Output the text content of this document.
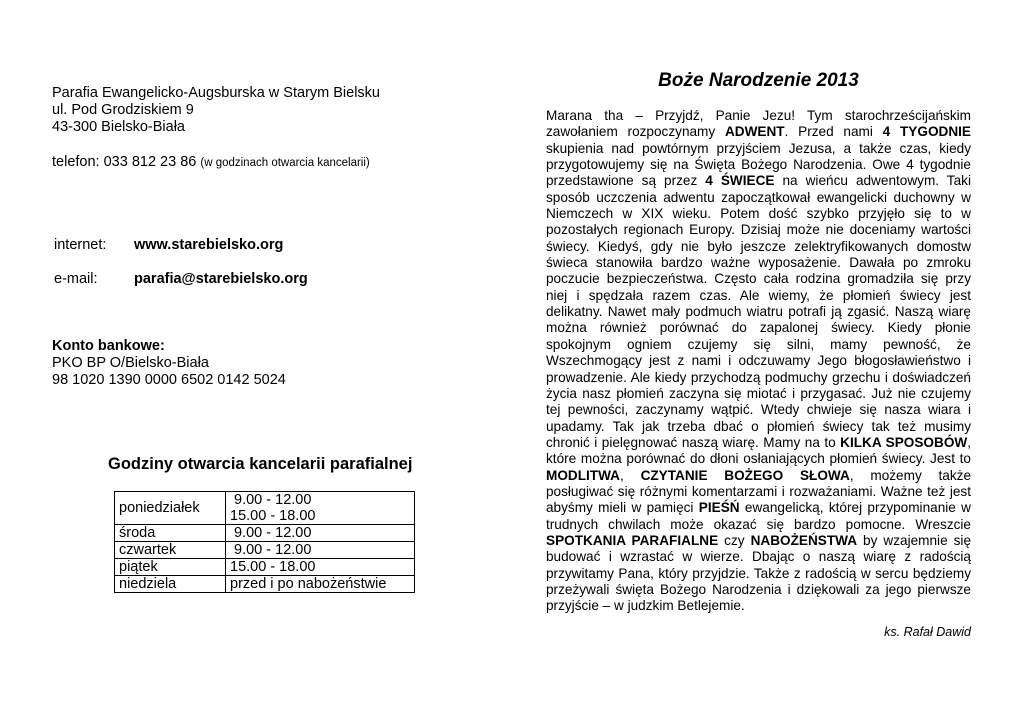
Parafia Ewangelicko-Augsburska w Starym Bielsku
ul. Pod Grodziskiem 9
43-300 Bielsko-Biała
telefon: 033 812 23 86 (w godzinach otwarcia kancelarii)
internet: www.starebielsko.org
e-mail:	parafia@starebielsko.org
Konto bankowe:
PKO BP O/Bielsko-Biała
98 1020 1390 0000 6502 0142 5024
Godziny otwarcia kancelarii parafialnej
poniedziałek	9.00 - 12.00
15.00 - 18.00

środa	9.00 - 12.00
czwartek	9.00 - 12.00
piątek	15.00 - 18.00
niedziela	przed i po nabożeństwie
Boże Narodzenie 2013
Marana tha – Przyjdź, Panie Jezu! Tym starochrześcijańskim zawołaniem rozpoczynamy ADWENT. Przed nami 4 TYGODNIE skupienia nad powtórnym przyjściem Jezusa, a także czas, kiedy przygotowujemy się na Święta Bożego Narodzenia. Owe 4 tygodnie przedstawione są przez 4 ŚWIECE na wieńcu adwentowym. Taki sposób uczczenia adwentu zapoczątkował ewangelicki duchowny w Niemczech w XIX wieku. Potem dość szybko przyjęło się to w pozostałych regionach Europy. Dzisiaj może nie doceniamy wartości świecy. Kiedyś, gdy nie było jeszcze zelektryfikowanych domostw świeca stanowiła bardzo ważne wyposażenie. Dawała po zmroku poczucie bezpieczeństwa. Często cała rodzina gromadziła się przy niej i spędzała razem czas. Ale wiemy, że płomień świecy jest delikatny. Nawet mały podmuch wiatru potrafi ją zgasić. Naszą wiarę można również porównać do zapalonej świecy. Kiedy płonie spokojnym ogniem czujemy się silni, mamy pewność, że Wszechmogący jest z nami i odczuwamy Jego błogosławieństwo i prowadzenie. Ale kiedy przychodzą podmuchy grzechu i doświadczeń życia nasz płomień zaczyna się miotać i przygasać. Już nie czujemy tej pewności, zaczynamy wątpić. Wtedy chwieje się nasza wiara i upadamy. Tak jak trzeba dbać o płomień świecy tak też musimy chronić i pielęgnować naszą wiarę. Mamy na to KILKA SPOSOBÓW, które można porównać do dłoni osłaniających płomień świecy. Jest to MODLITWA, CZYTANIE BOŻEGO SŁOWA, możemy także posługiwać się różnymi komentarzami i rozważaniami. Ważne też jest abyśmy mieli w pamięci PIEŚŃ ewangelicką, której przypominanie w trudnych chwilach może okazać się bardzo pomocne. Wreszcie SPOTKANIA PARAFIALNE czy NABOŻEŃSTWA by wzajemnie się budować i wzrastać w wierze. Dbając o naszą wiarę z radością przywitamy Pana, który przyjdzie. Także z radością w sercu będziemy przeżywali święta Bożego Narodzenia i dziękowali za jego pierwsze przyjście – w judzkim Betlejemie.
ks. Rafał Dawid
